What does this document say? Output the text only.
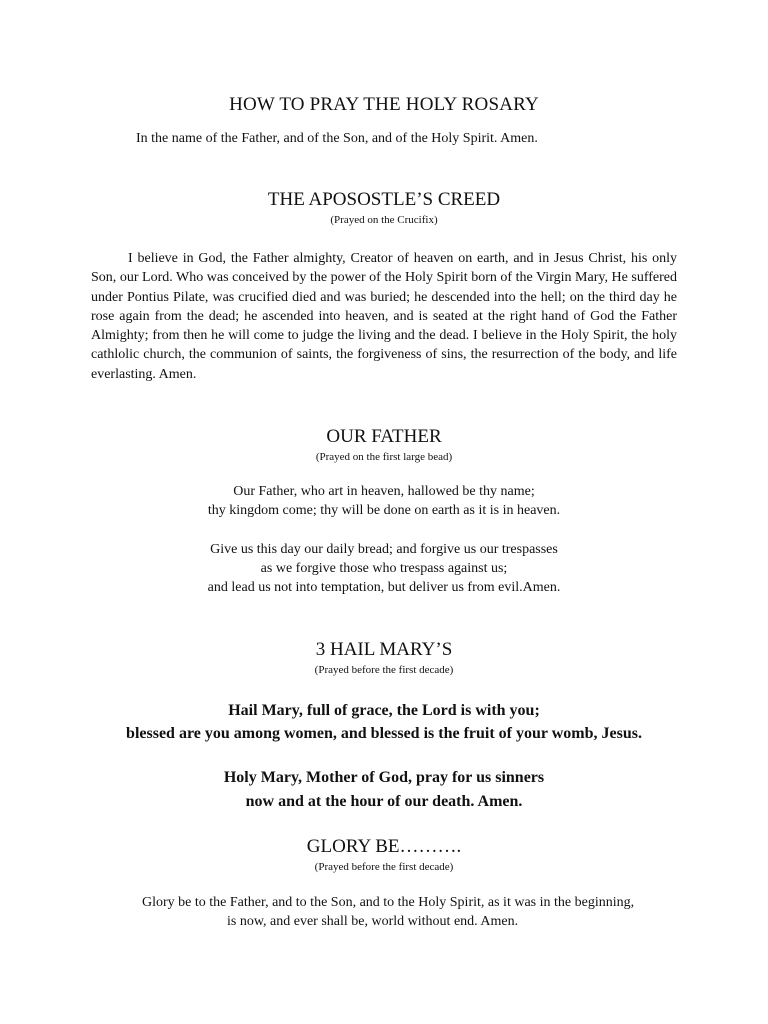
HOW TO PRAY THE HOLY ROSARY
In the name of the Father, and of the Son, and of the Holy Spirit. Amen.
THE APOSOSTLE’S CREED
(Prayed on the Crucifix)
I believe in God, the Father almighty, Creator of heaven on earth, and in Jesus Christ, his only Son, our Lord. Who was conceived by the power of the Holy Spirit born of the Virgin Mary, He suffered under Pontius Pilate, was crucified died and was buried; he descended into the hell; on the third day he rose again from the dead; he ascended into heaven, and is seated at the right hand of God the Father Almighty; from then he will come to judge the living and the dead. I believe in the Holy Spirit, the holy cathlolic church, the communion of saints, the forgiveness of sins, the resurrection of the body, and life everlasting. Amen.
OUR FATHER
(Prayed on the first large bead)
Our Father, who art in heaven, hallowed be thy name;
thy kingdom come; thy will be done on earth as it is in heaven.
Give us this day our daily bread; and forgive us our trespasses
as we forgive those who trespass against us;
and lead us not into temptation, but deliver us from evil.Amen.
3 HAIL MARY’S
(Prayed before the first decade)
Hail Mary, full of grace, the Lord is with you;
blessed are you among women, and blessed is the fruit of your womb, Jesus.
Holy Mary, Mother of God, pray for us sinners
now and at the hour of our death. Amen.
GLORY BE……….
(Prayed before the first decade)
Glory be to the Father, and to the Son, and to the Holy Spirit, as it was in the beginning,
is now, and ever shall be, world without end. Amen.
